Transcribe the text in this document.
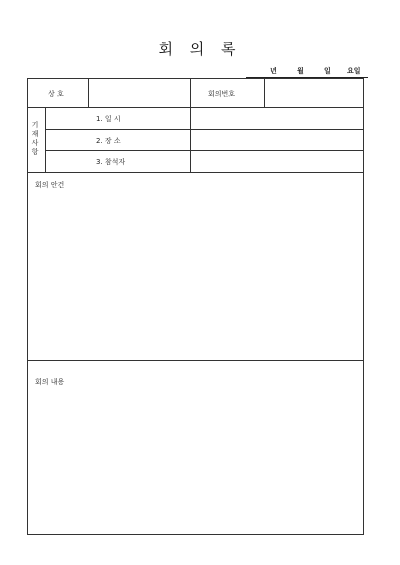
회 의 록
년	월	일 요일
상 호	회의번호
기재사항
1. 일 시
2. 장 소
3. 참석자
회의 안건
회의 내용
